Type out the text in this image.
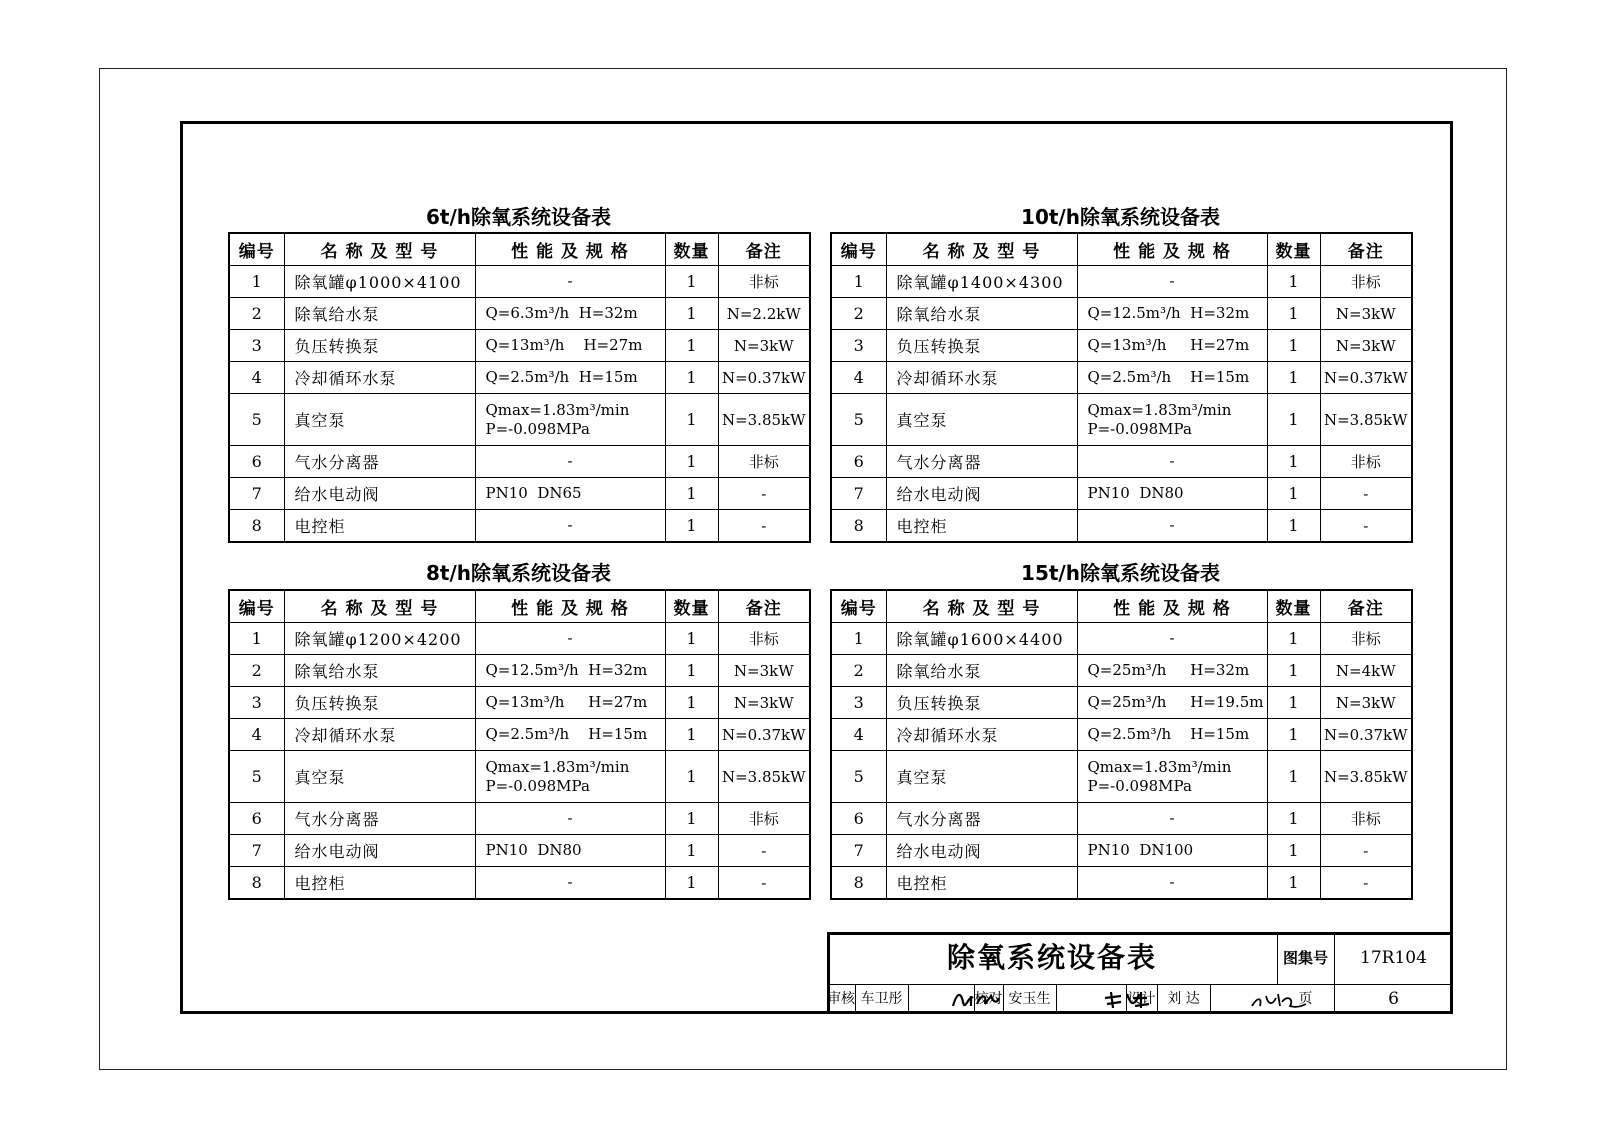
6t/h除氧系统设备表	10t/h除氧系统设备表
8t/h除氧系统设备表	15t/h除氧系统设备表
编号	名 称 及 型 号	性 能 及 规 格	数量	备注
1	除氧罐φ1000×4100	-	1	非标
2	除氧给水泵	Q=6.3m³/h  H=32m	1	N=2.2kW
3	负压转换泵	Q=13m³/h    H=27m	1	N=3kW
4	冷却循环水泵	Q=2.5m³/h  H=15m	1	N=0.37kW
5	真空泵	Qmax=1.83m³/min
P=-0.098MPa	1	N=3.85kW
6	气水分离器	-	1	非标
7	给水电动阀	PN10  DN65	1	-
8	电控柜	-	1	-
编号	名 称 及 型 号	性 能 及 规 格	数量	备注
1	除氧罐φ1400×4300	-	1	非标
2	除氧给水泵	Q=12.5m³/h  H=32m	1	N=3kW
3	负压转换泵	Q=13m³/h     H=27m	1	N=3kW
4	冷却循环水泵	Q=2.5m³/h    H=15m	1	N=0.37kW
5	真空泵	Qmax=1.83m³/min
P=-0.098MPa	1	N=3.85kW
6	气水分离器	-	1	非标
7	给水电动阀	PN10  DN80	1	-
8	电控柜	-	1	-
编号	名 称 及 型 号	性 能 及 规 格	数量	备注
1	除氧罐φ1200×4200	-	1	非标
2	除氧给水泵	Q=12.5m³/h  H=32m	1	N=3kW
3	负压转换泵	Q=13m³/h     H=27m	1	N=3kW
4	冷却循环水泵	Q=2.5m³/h    H=15m	1	N=0.37kW
5	真空泵	Qmax=1.83m³/min
P=-0.098MPa	1	N=3.85kW
6	气水分离器	-	1	非标
7	给水电动阀	PN10  DN80	1	-
8	电控柜	-	1	-
编号	名 称 及 型 号	性 能 及 规 格	数量	备注
1	除氧罐φ1600×4400	-	1	非标
2	除氧给水泵	Q=25m³/h     H=32m	1	N=4kW
3	负压转换泵	Q=25m³/h     H=19.5m	1	N=3kW
4	冷却循环水泵	Q=2.5m³/h    H=15m	1	N=0.37kW
5	真空泵	Qmax=1.83m³/min
P=-0.098MPa	1	N=3.85kW
6	气水分离器	-	1	非标
7	给水电动阀	PN10  DN100	1	-
8	电控柜	-	1	-
除氧系统设备表	图集号	17R104
审核 车卫彤	校对 安玉生	设计 刘 达	页	6
